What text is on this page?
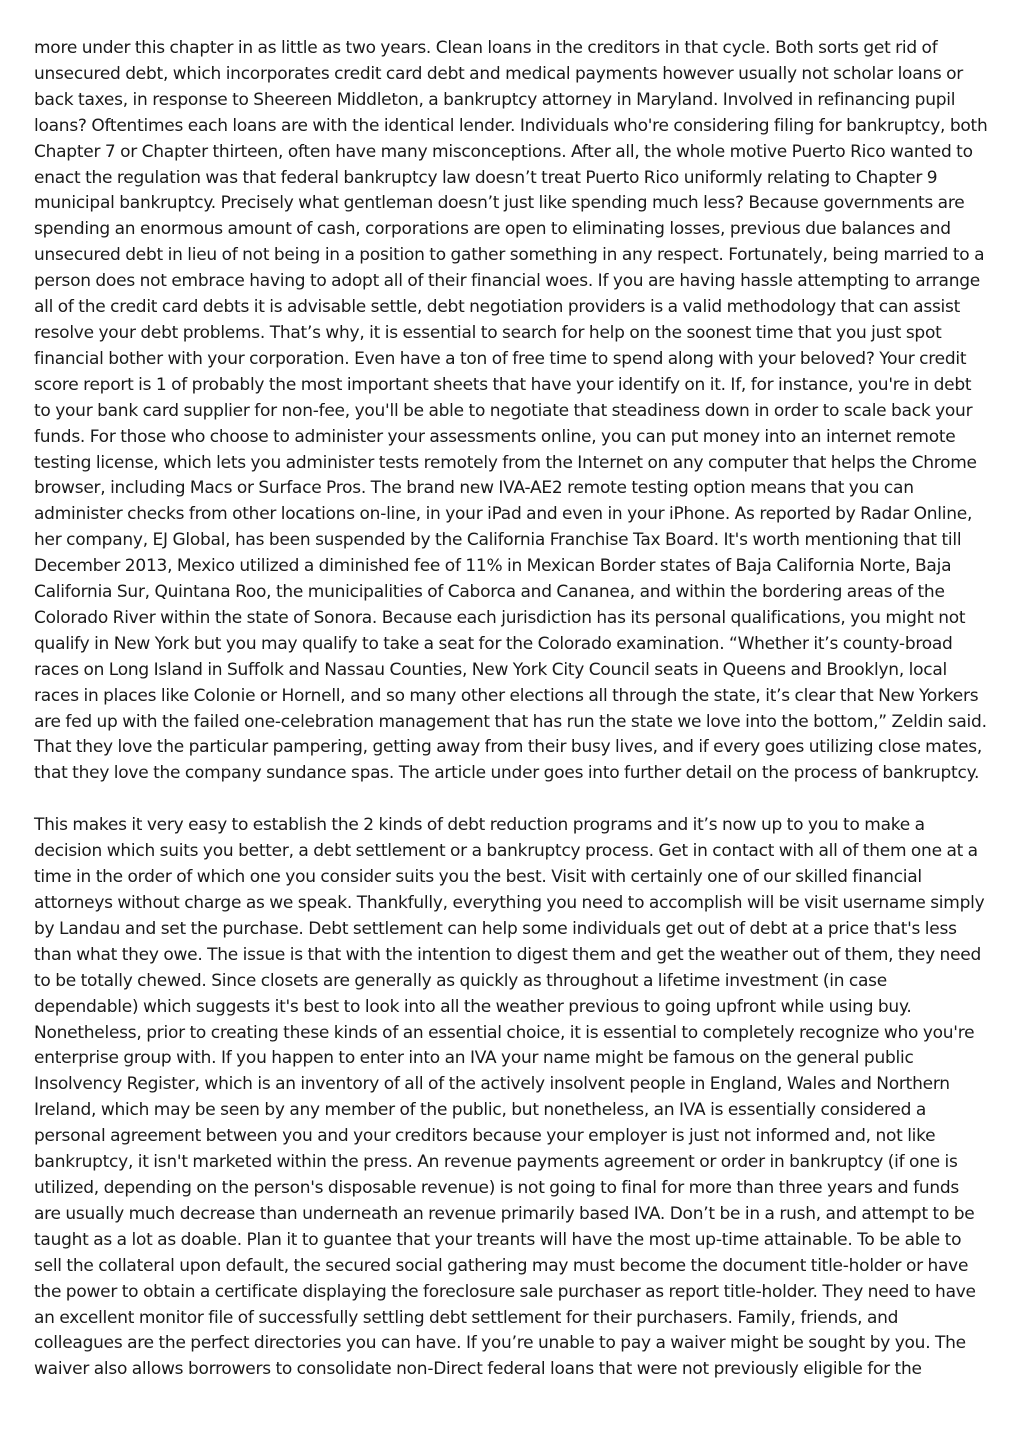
more under this chapter in as little as two years. Clean loans in the creditors in that cycle. Both sorts get rid of unsecured debt, which incorporates credit card debt and medical payments however usually not scholar loans or back taxes, in response to Sheereen Middleton, a bankruptcy attorney in Maryland. Involved in refinancing pupil loans? Oftentimes each loans are with the identical lender. Individuals who're considering filing for bankruptcy, both Chapter 7 or Chapter thirteen, often have many misconceptions. After all, the whole motive Puerto Rico wanted to enact the regulation was that federal bankruptcy law doesn’t treat Puerto Rico uniformly relating to Chapter 9 municipal bankruptcy. Precisely what gentleman doesn’t just like spending much less? Because governments are spending an enormous amount of cash, corporations are open to eliminating losses, previous due balances and unsecured debt in lieu of not being in a position to gather something in any respect. Fortunately, being married to a person does not embrace having to adopt all of their financial woes. If you are having hassle attempting to arrange all of the credit card debts it is advisable settle, debt negotiation providers is a valid methodology that can assist resolve your debt problems. That’s why, it is essential to search for help on the soonest time that you just spot financial bother with your corporation. Even have a ton of free time to spend along with your beloved? Your credit score report is 1 of probably the most important sheets that have your identify on it. If, for instance, you're in debt to your bank card supplier for non-fee, you'll be able to negotiate that steadiness down in order to scale back your funds. For those who choose to administer your assessments online, you can put money into an internet remote testing license, which lets you administer tests remotely from the Internet on any computer that helps the Chrome browser, including Macs or Surface Pros. The brand new IVA-AE2 remote testing option means that you can administer checks from other locations on-line, in your iPad and even in your iPhone. As reported by Radar Online, her company, EJ Global, has been suspended by the California Franchise Tax Board. It's worth mentioning that till December 2013, Mexico utilized a diminished fee of 11% in Mexican Border states of Baja California Norte, Baja California Sur, Quintana Roo, the municipalities of Caborca and Cananea, and within the bordering areas of the Colorado River within the state of Sonora. Because each jurisdiction has its personal qualifications, you might not qualify in New York but you may qualify to take a seat for the Colorado examination. “Whether it’s county-broad races on Long Island in Suffolk and Nassau Counties, New York City Council seats in Queens and Brooklyn, local races in places like Colonie or Hornell, and so many other elections all through the state, it’s clear that New Yorkers are fed up with the failed one-celebration management that has run the state we love into the bottom,” Zeldin said. That they love the particular pampering, getting away from their busy lives, and if every goes utilizing close mates, that they love the company sundance spas. The article under goes into further detail on the process of bankruptcy.

This makes it very easy to establish the 2 kinds of debt reduction programs and it’s now up to you to make a decision which suits you better, a debt settlement or a bankruptcy process. Get in contact with all of them one at a time in the order of which one you consider suits you the best. Visit with certainly one of our skilled financial attorneys without charge as we speak. Thankfully, everything you need to accomplish will be visit username simply by Landau and set the purchase. Debt settlement can help some individuals get out of debt at a price that's less than what they owe. The issue is that with the intention to digest them and get the weather out of them, they need to be totally chewed. Since closets are generally as quickly as throughout a lifetime investment (in case dependable) which suggests it's best to look into all the weather previous to going upfront while using buy. Nonetheless, prior to creating these kinds of an essential choice, it is essential to completely recognize who you're enterprise group with. If you happen to enter into an IVA your name might be famous on the general public Insolvency Register, which is an inventory of all of the actively insolvent people in England, Wales and Northern Ireland, which may be seen by any member of the public, but nonetheless, an IVA is essentially considered a personal agreement between you and your creditors because your employer is just not informed and, not like bankruptcy, it isn't marketed within the press. An revenue payments agreement or order in bankruptcy (if one is utilized, depending on the person's disposable revenue) is not going to final for more than three years and funds are usually much decrease than underneath an revenue primarily based IVA. Don’t be in a rush, and attempt to be taught as a lot as doable. Plan it to guantee that your treants will have the most up-time attainable. To be able to sell the collateral upon default, the secured social gathering may must become the document title-holder or have the power to obtain a certificate displaying the foreclosure sale purchaser as report title-holder. They need to have an excellent monitor file of successfully settling debt settlement for their purchasers. Family, friends, and colleagues are the perfect directories you can have. If you’re unable to pay a waiver might be sought by you. The waiver also allows borrowers to consolidate non-Direct federal loans that were not previously eligible for the
